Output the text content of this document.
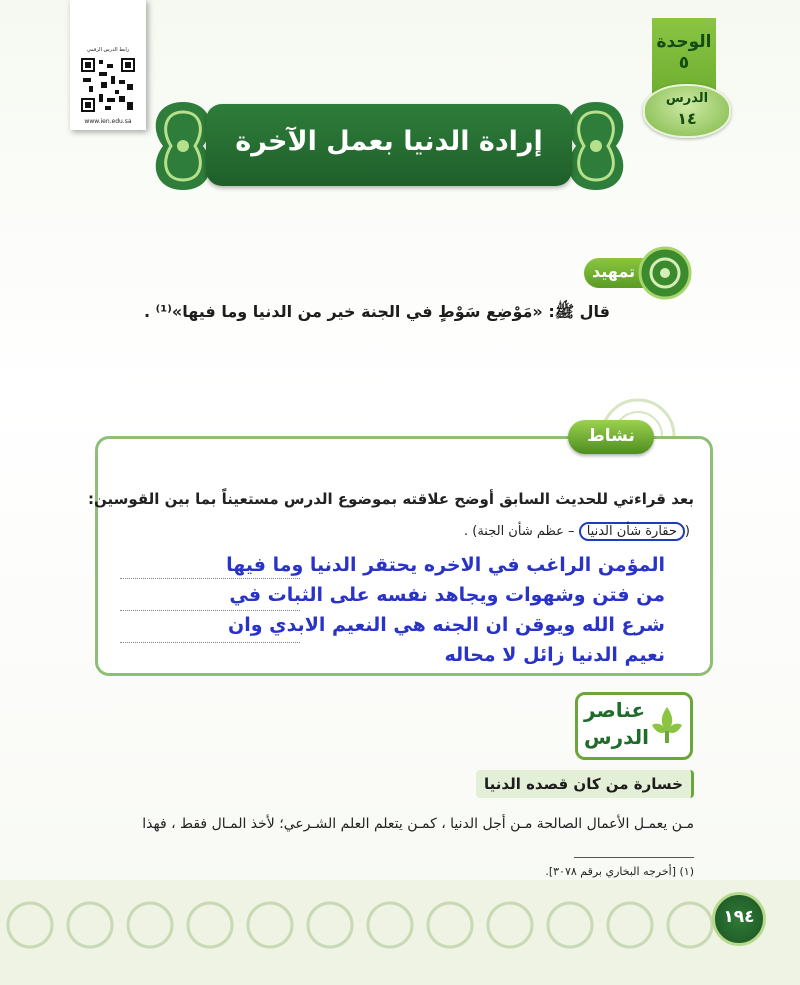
رابط الدرس الرقمي
www.ien.edu.sa
الوحدة
٥
الدرس
١٤
إرادة الدنيا بعمل الآخرة
تمهيد
قال ﷺ: «مَوْضِع سَوْطٍ في الجنة خير من الدنيا وما فيها»⁽¹⁾ .
نشاط
بعد قراءتي للحديث السابق أوضح علاقته بموضوع الدرس مستعيناً بما بين القوسين:
(حقارة شأن الدنيا – عظم شأن الجنة) .
المؤمن الراغب في الاخره يحتقر الدنيا وما فيها
من فتن وشهوات ويجاهد نفسه على الثبات في
شرع الله ويوقن ان الجنه هي النعيم الابدي وان
نعيم الدنيا زائل لا محاله
عناصر
الدرس
خسارة من كان قصده الدنيا
مـن يعمـل الأعمال الصالحة مـن أجل الدنيا ، كمـن يتعلم العلم الشـرعي؛ لأخذ المـال فقط ، فهذا
(١) [أخرجه البخاري برقم ٣٠٧٨].
١٩٤
